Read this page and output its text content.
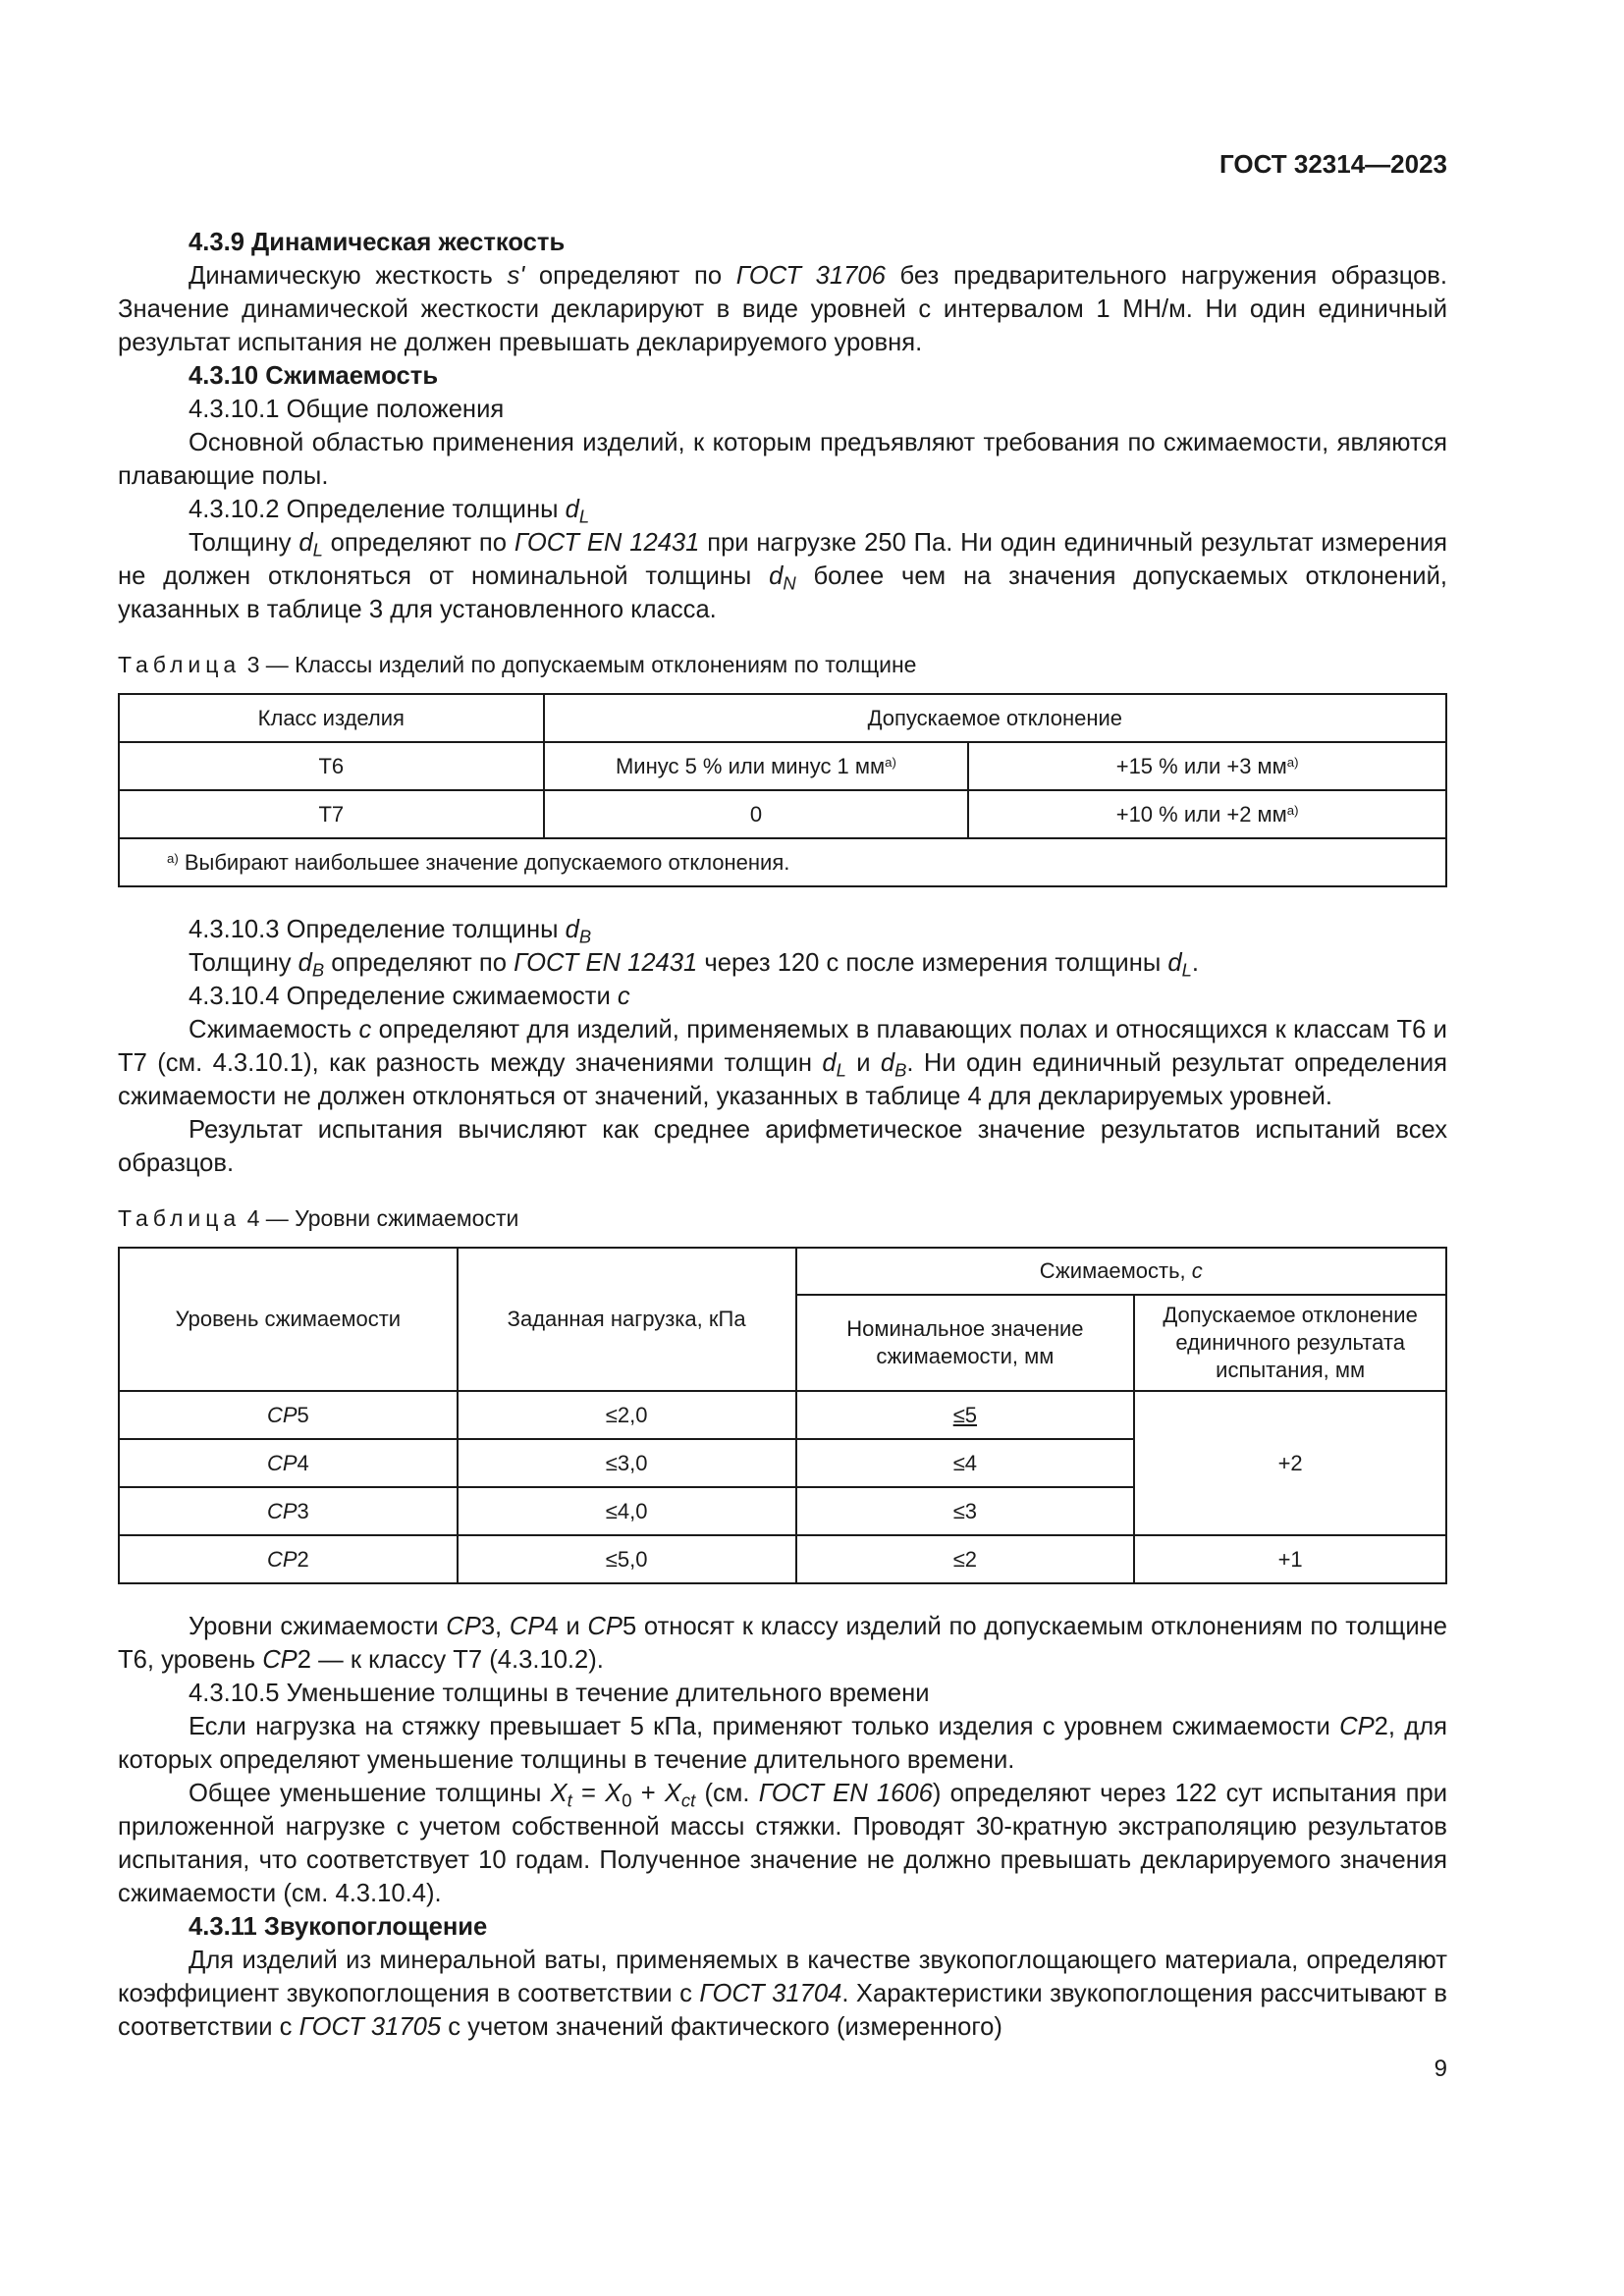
ГОСТ 32314—2023

4.3.9 Динамическая жесткость

Динамическую жесткость s' определяют по ГОСТ 31706 без предварительного нагружения образцов. Значение динамической жесткости декларируют в виде уровней с интервалом 1 МН/м. Ни один единичный результат испытания не должен превышать декларируемого уровня.

4.3.10 Сжимаемость

4.3.10.1 Общие положения

Основной областью применения изделий, к которым предъявляют требования по сжимаемости, являются плавающие полы.

4.3.10.2 Определение толщины $d_L$

Толщину $d_L$ определяют по ГОСТ EN 12431 при нагрузке 250 Па. Ни один единичный результат измерения не должен отклоняться от номинальной толщины $d_N$ более чем на значения допускаемых отклонений, указанных в таблице 3 для установленного класса.

Таблица 3 — Классы изделий по допускаемым отклонениям по толщине

Класс изделия	Допускаемое отклонение	
Т6	Минус 5 % или минус 1 $мм^{а)}$	+15 % или +3 $мм^{а)}$
Т7	0	+10 % или +2 $мм^{а)}$
$^{а)}$ Выбирают наибольшее значение допускаемого отклонения.		

4.3.10.3 Определение толщины $d_B$

Толщину $d_B$ определяют по ГОСТ EN 12431 через 120 с после измерения толщины $d_L$.

4.3.10.4 Определение сжимаемости c

Сжимаемость c определяют для изделий, применяемых в плавающих полах и относящихся к классам Т6 и Т7 (см. 4.3.10.1), как разность между значениями толщин $d_L$ и $d_B$. Ни один единичный результат определения сжимаемости не должен отклоняться от значений, указанных в таблице 4 для декларируемых уровней.

Результат испытания вычисляют как среднее арифметическое значение результатов испытаний всех образцов.

Таблица 4 — Уровни сжимаемости

Уровень сжимаемости	Заданная нагрузка, кПа	Сжимаемость, с	
		Номинальное значение сжимаемости, мм	Допускаемое отклонение единичного результата испытания, мм
CP5	≤2,0	≤5	+2
CP4	≤3,0	≤4	
CP3	≤4,0	≤3	
CP2	≤5,0	≤2	+1

Уровни сжимаемости CP3, CP4 и CP5 относят к классу изделий по допускаемым отклонениям по толщине Т6, уровень CP2 — к классу Т7 (4.3.10.2).

4.3.10.5 Уменьшение толщины в течение длительного времени

Если нагрузка на стяжку превышает 5 кПа, применяют только изделия с уровнем сжимаемости CP2, для которых определяют уменьшение толщины в течение длительного времени.

Общее уменьшение толщины $X_t = X_0 + X_{ct}$ (см. ГОСТ EN 1606) определяют через 122 сут испытания при приложенной нагрузке с учетом собственной массы стяжки. Проводят 30-кратную экстраполяцию результатов испытания, что соответствует 10 годам. Полученное значение не должно превышать декларируемого значения сжимаемости (см. 4.3.10.4).

4.3.11 Звукопоглощение

Для изделий из минеральной ваты, применяемых в качестве звукопоглощающего материала, определяют коэффициент звукопоглощения в соответствии с ГОСТ 31704. Характеристики звукопоглощения рассчитывают в соответствии с ГОСТ 31705 с учетом значений фактического (измеренного)

9
